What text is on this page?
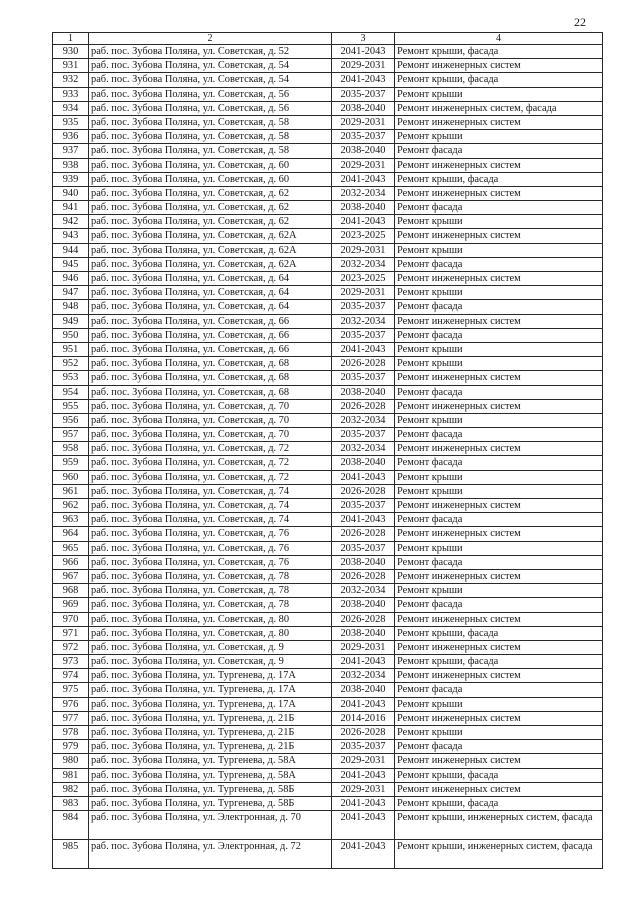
22
1	2	3	4
930	раб. пос. Зубова Поляна, ул. Советская, д. 52	2041-2043	Ремонт крыши, фасада
931	раб. пос. Зубова Поляна, ул. Советская, д. 54	2029-2031	Ремонт инженерных систем
932	раб. пос. Зубова Поляна, ул. Советская, д. 54	2041-2043	Ремонт крыши, фасада
933	раб. пос. Зубова Поляна, ул. Советская, д. 56	2035-2037	Ремонт крыши
934	раб. пос. Зубова Поляна, ул. Советская, д. 56	2038-2040	Ремонт инженерных систем, фасада
935	раб. пос. Зубова Поляна, ул. Советская, д. 58	2029-2031	Ремонт инженерных систем
936	раб. пос. Зубова Поляна, ул. Советская, д. 58	2035-2037	Ремонт крыши
937	раб. пос. Зубова Поляна, ул. Советская, д. 58	2038-2040	Ремонт фасада
938	раб. пос. Зубова Поляна, ул. Советская, д. 60	2029-2031	Ремонт инженерных систем
939	раб. пос. Зубова Поляна, ул. Советская, д. 60	2041-2043	Ремонт крыши, фасада
940	раб. пос. Зубова Поляна, ул. Советская, д. 62	2032-2034	Ремонт инженерных систем
941	раб. пос. Зубова Поляна, ул. Советская, д. 62	2038-2040	Ремонт фасада
942	раб. пос. Зубова Поляна, ул. Советская, д. 62	2041-2043	Ремонт крыши
943	раб. пос. Зубова Поляна, ул. Советская, д. 62А	2023-2025	Ремонт инженерных систем
944	раб. пос. Зубова Поляна, ул. Советская, д. 62А	2029-2031	Ремонт крыши
945	раб. пос. Зубова Поляна, ул. Советская, д. 62А	2032-2034	Ремонт фасада
946	раб. пос. Зубова Поляна, ул. Советская, д. 64	2023-2025	Ремонт инженерных систем
947	раб. пос. Зубова Поляна, ул. Советская, д. 64	2029-2031	Ремонт крыши
948	раб. пос. Зубова Поляна, ул. Советская, д. 64	2035-2037	Ремонт фасада
949	раб. пос. Зубова Поляна, ул. Советская, д. 66	2032-2034	Ремонт инженерных систем
950	раб. пос. Зубова Поляна, ул. Советская, д. 66	2035-2037	Ремонт фасада
951	раб. пос. Зубова Поляна, ул. Советская, д. 66	2041-2043	Ремонт крыши
952	раб. пос. Зубова Поляна, ул. Советская, д. 68	2026-2028	Ремонт крыши
953	раб. пос. Зубова Поляна, ул. Советская, д. 68	2035-2037	Ремонт инженерных систем
954	раб. пос. Зубова Поляна, ул. Советская, д. 68	2038-2040	Ремонт фасада
955	раб. пос. Зубова Поляна, ул. Советская, д. 70	2026-2028	Ремонт инженерных систем
956	раб. пос. Зубова Поляна, ул. Советская, д. 70	2032-2034	Ремонт крыши
957	раб. пос. Зубова Поляна, ул. Советская, д. 70	2035-2037	Ремонт фасада
958	раб. пос. Зубова Поляна, ул. Советская, д. 72	2032-2034	Ремонт инженерных систем
959	раб. пос. Зубова Поляна, ул. Советская, д. 72	2038-2040	Ремонт фасада
960	раб. пос. Зубова Поляна, ул. Советская, д. 72	2041-2043	Ремонт крыши
961	раб. пос. Зубова Поляна, ул. Советская, д. 74	2026-2028	Ремонт крыши
962	раб. пос. Зубова Поляна, ул. Советская, д. 74	2035-2037	Ремонт инженерных систем
963	раб. пос. Зубова Поляна, ул. Советская, д. 74	2041-2043	Ремонт фасада
964	раб. пос. Зубова Поляна, ул. Советская, д. 76	2026-2028	Ремонт инженерных систем
965	раб. пос. Зубова Поляна, ул. Советская, д. 76	2035-2037	Ремонт крыши
966	раб. пос. Зубова Поляна, ул. Советская, д. 76	2038-2040	Ремонт фасада
967	раб. пос. Зубова Поляна, ул. Советская, д. 78	2026-2028	Ремонт инженерных систем
968	раб. пос. Зубова Поляна, ул. Советская, д. 78	2032-2034	Ремонт крыши
969	раб. пос. Зубова Поляна, ул. Советская, д. 78	2038-2040	Ремонт фасада
970	раб. пос. Зубова Поляна, ул. Советская, д. 80	2026-2028	Ремонт инженерных систем
971	раб. пос. Зубова Поляна, ул. Советская, д. 80	2038-2040	Ремонт крыши, фасада
972	раб. пос. Зубова Поляна, ул. Советская, д. 9	2029-2031	Ремонт инженерных систем
973	раб. пос. Зубова Поляна, ул. Советская, д. 9	2041-2043	Ремонт крыши, фасада
974	раб. пос. Зубова Поляна, ул. Тургенева, д. 17А	2032-2034	Ремонт инженерных систем
975	раб. пос. Зубова Поляна, ул. Тургенева, д. 17А	2038-2040	Ремонт фасада
976	раб. пос. Зубова Поляна, ул. Тургенева, д. 17А	2041-2043	Ремонт крыши
977	раб. пос. Зубова Поляна, ул. Тургенева, д. 21Б	2014-2016	Ремонт инженерных систем
978	раб. пос. Зубова Поляна, ул. Тургенева, д. 21Б	2026-2028	Ремонт крыши
979	раб. пос. Зубова Поляна, ул. Тургенева, д. 21Б	2035-2037	Ремонт фасада
980	раб. пос. Зубова Поляна, ул. Тургенева, д. 58А	2029-2031	Ремонт инженерных систем
981	раб. пос. Зубова Поляна, ул. Тургенева, д. 58А	2041-2043	Ремонт крыши, фасада
982	раб. пос. Зубова Поляна, ул. Тургенева, д. 58Б	2029-2031	Ремонт инженерных систем
983	раб. пос. Зубова Поляна, ул. Тургенева, д. 58Б	2041-2043	Ремонт крыши, фасада
984	раб. пос. Зубова Поляна, ул. Электронная, д. 70	2041-2043	Ремонт крыши, инженерных систем, фасада
985	раб. пос. Зубова Поляна, ул. Электронная, д. 72	2041-2043	Ремонт крыши, инженерных систем, фасада
